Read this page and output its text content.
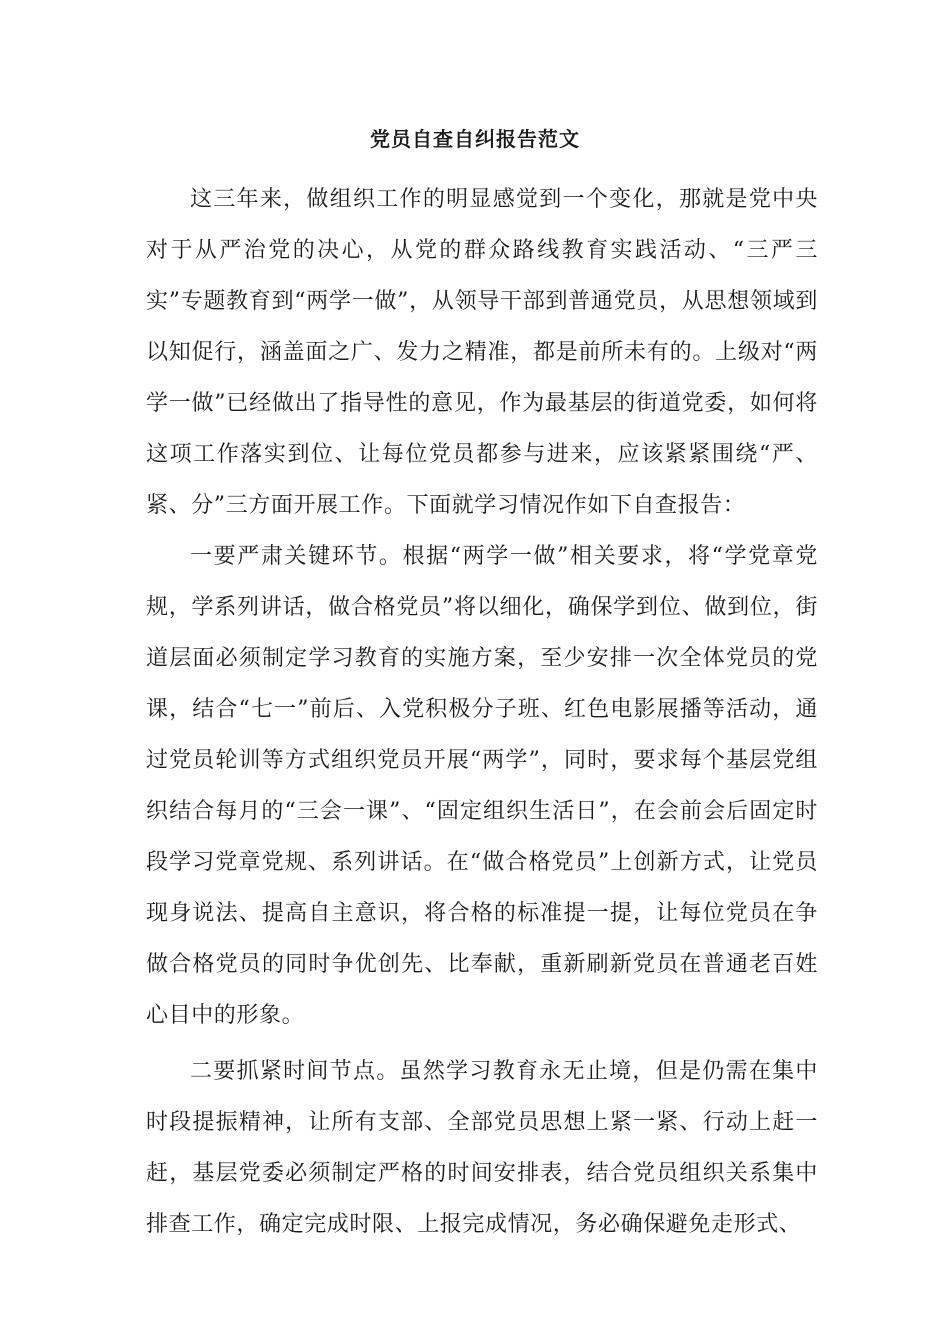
党员自查自纠报告范文

这三年来，做组织工作的明显感觉到一个变化，那就是党中央对于从严治党的决心，从党的群众路线教育实践活动、“三严三实”专题教育到“两学一做”，从领导干部到普通党员，从思想领域到以知促行，涵盖面之广、发力之精准，都是前所未有的。上级对“两学一做”已经做出了指导性的意见，作为最基层的街道党委，如何将这项工作落实到位、让每位党员都参与进来，应该紧紧围绕“严、紧、分”三方面开展工作。下面就学习情况作如下自查报告：

一要严肃关键环节。根据“两学一做”相关要求，将“学党章党规，学系列讲话，做合格党员”将以细化，确保学到位、做到位，街道层面必须制定学习教育的实施方案，至少安排一次全体党员的党课，结合“七一”前后、入党积极分子班、红色电影展播等活动，通过党员轮训等方式组织党员开展“两学”，同时，要求每个基层党组织结合每月的“三会一课”、“固定组织生活日”，在会前会后固定时段学习党章党规、系列讲话。在“做合格党员”上创新方式，让党员现身说法、提高自主意识，将合格的标准提一提，让每位党员在争做合格党员的同时争优创先、比奉献，重新刷新党员在普通老百姓心目中的形象。

二要抓紧时间节点。虽然学习教育永无止境，但是仍需在集中时段提振精神，让所有支部、全部党员思想上紧一紧、行动上赶一赶，基层党委必须制定严格的时间安排表，结合党员组织关系集中排查工作，确定完成时限、上报完成情况，务必确保避免走形式、
